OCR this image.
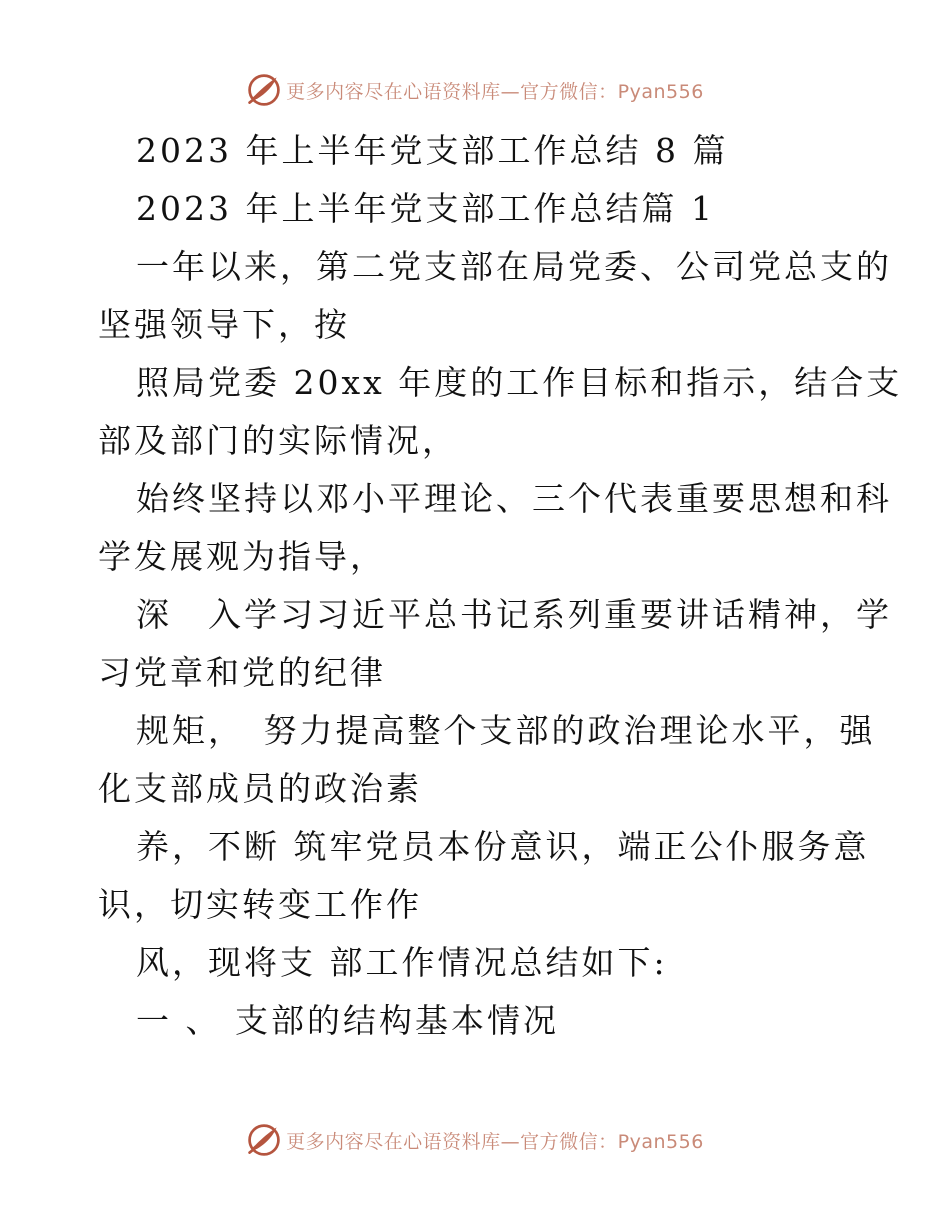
更多内容尽在心语资料库—官方微信：Pyan556
2023 年上半年党支部工作总结 8 篇
2023 年上半年党支部工作总结篇 1
一年以来，第二党支部在局党委、公司党总支的
坚强领导下，按
照局党委 20xx 年度的工作目标和指示，结合支
部及部门的实际情况，
始终坚持以邓小平理论、三个代表重要思想和科
学发展观为指导，
深　入学习习近平总书记系列重要讲话精神，学
习党章和党的纪律
规矩，　努力提高整个支部的政治理论水平，强
化支部成员的政治素
养，不断 筑牢党员本份意识，端正公仆服务意
识，切实转变工作作
风，现将支 部工作情况总结如下:
一 、 支部的结构基本情况
更多内容尽在心语资料库—官方微信：Pyan556
